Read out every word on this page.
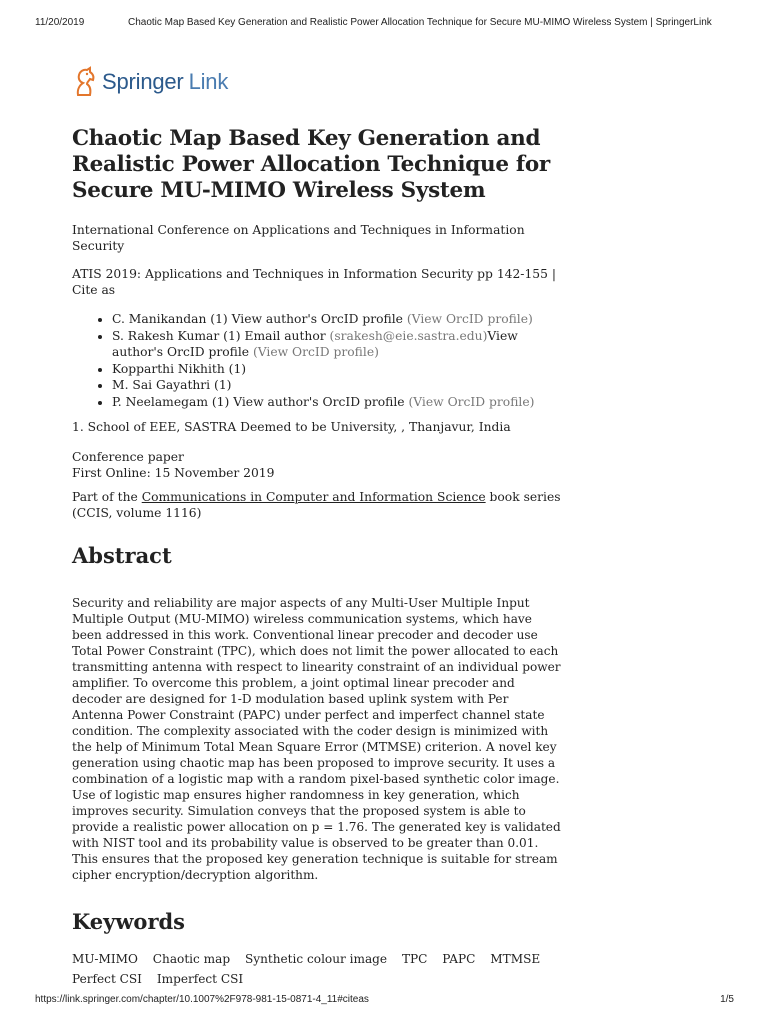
11/20/2019	Chaotic Map Based Key Generation and Realistic Power Allocation Technique for Secure MU-MIMO Wireless System | SpringerLink
Springer Link
Chaotic Map Based Key Generation and Realistic Power Allocation Technique for Secure MU-MIMO Wireless System

International Conference on Applications and Techniques in Information Security

ATIS 2019: Applications and Techniques in Information Security pp 142-155 | Cite as

• C. Manikandan (1) View author's OrcID profile (View OrcID profile)
• S. Rakesh Kumar (1) Email author (srakesh@eie.sastra.edu)View author's OrcID profile (View OrcID profile)
• Kopparthi Nikhith (1)
• M. Sai Gayathri (1)
• P. Neelamegam (1) View author's OrcID profile (View OrcID profile)

1. School of EEE, SASTRA Deemed to be University, , Thanjavur, India

Conference paper

First Online: 15 November 2019

Part of the Communications in Computer and Information Science book series (CCIS, volume 1116)

Abstract

Security and reliability are major aspects of any Multi-User Multiple Input Multiple Output (MU-MIMO) wireless communication systems, which have been addressed in this work. Conventional linear precoder and decoder use Total Power Constraint (TPC), which does not limit the power allocated to each transmitting antenna with respect to linearity constraint of an individual power amplifier. To overcome this problem, a joint optimal linear precoder and decoder are designed for 1-D modulation based uplink system with Per Antenna Power Constraint (PAPC) under perfect and imperfect channel state condition. The complexity associated with the coder design is minimized with the help of Minimum Total Mean Square Error (MTMSE) criterion. A novel key generation using chaotic map has been proposed to improve security. It uses a combination of a logistic map with a random pixel-based synthetic color image. Use of logistic map ensures higher randomness in key generation, which improves security. Simulation conveys that the proposed system is able to provide a realistic power allocation on p = 1.76. The generated key is validated with NIST tool and its probability value is observed to be greater than 0.01. This ensures that the proposed key generation technique is suitable for stream cipher encryption/decryption algorithm.

Keywords
MU-MIMO Chaotic map Synthetic colour image TPC PAPC MTMSE
Perfect CSI Imperfect CSI
https://link.springer.com/chapter/10.1007%2F978-981-15-0871-4_11#citeas	1/5
